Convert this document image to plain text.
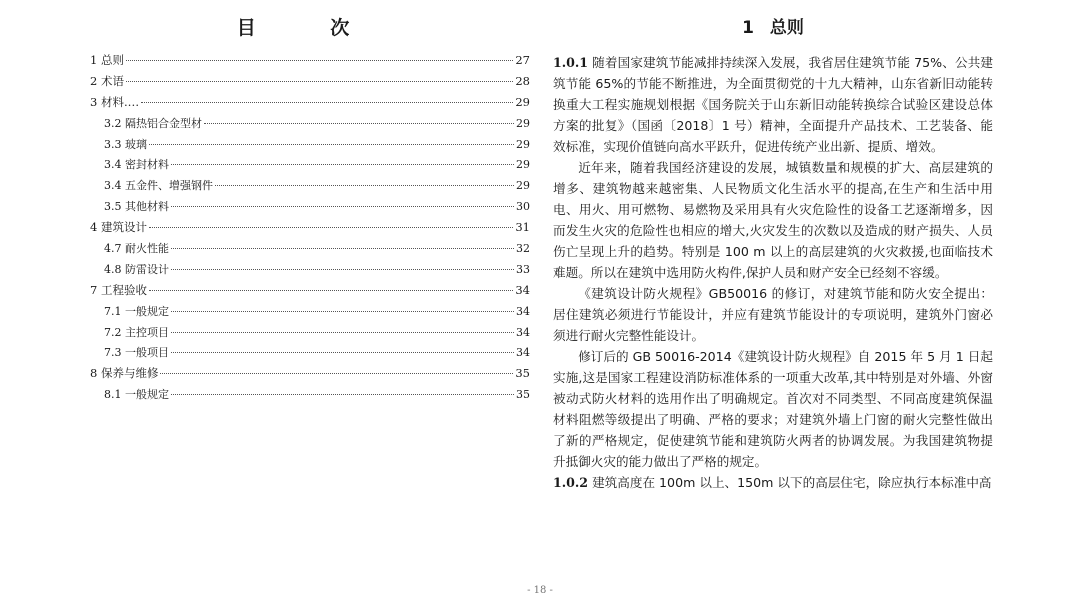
目 次
1 总则	27
2 术语	28
3 材料.…	29
3.2 隔热铝合金型材	29
3.3 玻璃	29
3.4 密封材料	29
3.4 五金件、增强钢件	29
3.5 其他材料	30
4 建筑设计	31
4.7 耐火性能	32
4.8 防雷设计	33
7 工程验收	34
7.1 一般规定	34
7.2 主控项目	34
7.3 一般项目	34
8 保养与维修	35
8.1 一般规定	35
1 总则

1.0.1 随着国家建筑节能减排持续深入发展，我省居住建筑节能 75%、公共建筑节能 65%的节能不断推进，为全面贯彻党的十九大精神，山东省新旧动能转换重大工程实施规划根据《国务院关于山东新旧动能转换综合试验区建设总体方案的批复》（国函〔2018〕1 号）精神，全面提升产品技术、工艺装备、能效标准，实现价值链向高水平跃升，促进传统产业出新、提质、增效。

近年来，随着我国经济建设的发展，城镇数量和规模的扩大、高层建筑的增多、建筑物越来越密集、人民物质文化生活水平的提高,在生产和生活中用电、用火、用可燃物、易燃物及采用具有火灾危险性的设备工艺逐渐增多，因而发生火灾的危险性也相应的增大,火灾发生的次数以及造成的财产损失、人员伤亡呈现上升的趋势。特别是 100 m 以上的高层建筑的火灾救援,也面临技术难题。所以在建筑中选用防火构件,保护人员和财产安全已经刻不容缓。

《建筑设计防火规程》GB50016 的修订，对建筑节能和防火安全提出：居住建筑必须进行节能设计，并应有建筑节能设计的专项说明，建筑外门窗必须进行耐火完整性能设计。

修订后的 GB 50016-2014《建筑设计防火规程》自 2015 年 5 月 1 日起实施,这是国家工程建设消防标准体系的一项重大改革,其中特别是对外墙、外窗被动式防火材料的选用作出了明确规定。首次对不同类型、不同高度建筑保温材料阻燃等级提出了明确、严格的要求；对建筑外墙上门窗的耐火完整性做出了新的严格规定，促使建筑节能和建筑防火两者的协调发展。为我国建筑物提升抵御火灾的能力做出了严格的规定。

1.0.2 建筑高度在 100m 以上、150m 以下的高层住宅，除应执行本标准中高

- 18 -
